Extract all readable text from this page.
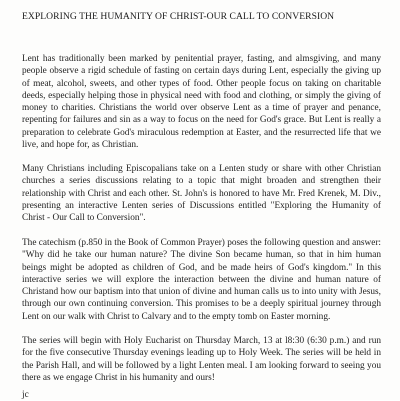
EXPLORING THE HUMANITY OF CHRIST-OUR CALL TO CONVERSION

Lent has traditionally been marked by penitential prayer, fasting, and almsgiving, and many people observe a rigid schedule of fasting on certain days during Lent, especially the giving up of meat, alcohol, sweets, and other types of food. Other people focus on taking on charitable deeds, especially helping those in physical need with food and clothing, or simply the giving of money to charities. Christians the world over observe Lent as a time of prayer and penance, repenting for failures and sin as a way to focus on the need for God's grace. But Lent is really a preparation to celebrate God's miraculous redemption at Easter, and the resurrected life that we live, and hope for, as Christian.

Many Christians including Episcopalians take on a Lenten study or share with other Christian churches a series discussions relating to a topic that might broaden and strengthen their relationship with Christ and each other. St. John's is honored to have Mr. Fred Krenek, M. Div., presenting an interactive Lenten series of Discussions entitled "Exploring the Humanity of Christ - Our Call to Conversion".

The catechism (p.850 in the Book of Common Prayer) poses the following question and answer: "Why did he take our human nature? The divine Son became human, so that in him human beings might be adopted as children of God, and be made heirs of God's kingdom." In this interactive series we will explore the interaction between the divine and human nature of Christand how our baptism into that union of divine and human calls us to into unity with Jesus, through our own continuing conversion. This promises to be a deeply spiritual journey through Lent on our walk with Christ to Calvary and to the empty tomb on Easter morning.

The series will begin with Holy Eucharist on Thursday March, 13 at l8:30 (6:30 p.m.) and run for the five consecutive Thursday evenings leading up to Holy Week. The series will be held in the Parish Hall, and will be followed by a light Lenten meal. I am looking forward to seeing you there as we engage Christ in his humanity and ours!

jc
